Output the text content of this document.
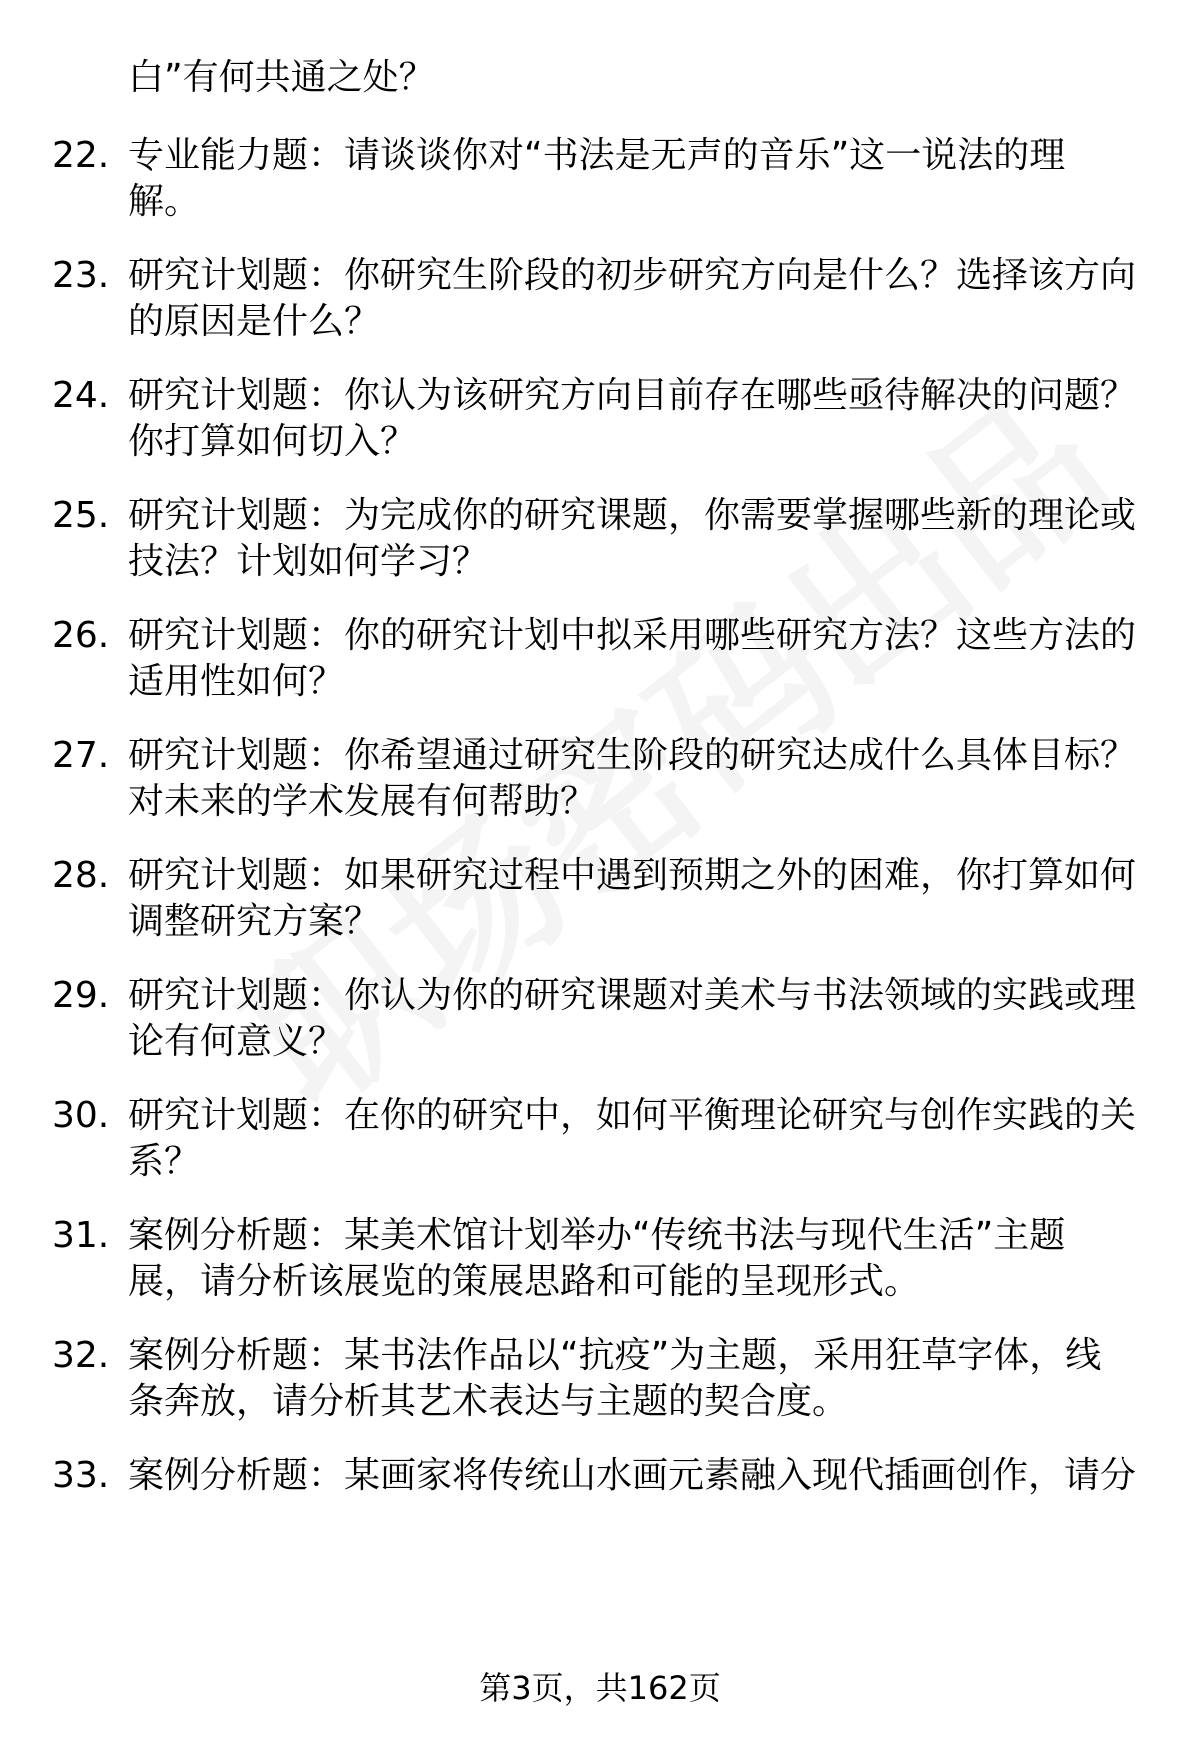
白”有何共通之处？
22. 专业能力题：请谈谈你对“书法是无声的音乐”这一说法的理
解。
23. 研究计划题：你研究生阶段的初步研究方向是什么？选择该方向
的原因是什么？
24. 研究计划题：你认为该研究方向目前存在哪些亟待解决的问题？
你打算如何切入？
25. 研究计划题：为完成你的研究课题，你需要掌握哪些新的理论或
技法？计划如何学习？
26. 研究计划题：你的研究计划中拟采用哪些研究方法？这些方法的
适用性如何？
27. 研究计划题：你希望通过研究生阶段的研究达成什么具体目标？
对未来的学术发展有何帮助？
28. 研究计划题：如果研究过程中遇到预期之外的困难，你打算如何
调整研究方案？
29. 研究计划题：你认为你的研究课题对美术与书法领域的实践或理
论有何意义？
30. 研究计划题：在你的研究中，如何平衡理论研究与创作实践的关
系？
31. 案例分析题：某美术馆计划举办“传统书法与现代生活”主题
展，请分析该展览的策展思路和可能的呈现形式。
32. 案例分析题：某书法作品以“抗疫”为主题，采用狂草字体，线
条奔放，请分析其艺术表达与主题的契合度。
33. 案例分析题：某画家将传统山水画元素融入现代插画创作，请分
第3页，共162页
